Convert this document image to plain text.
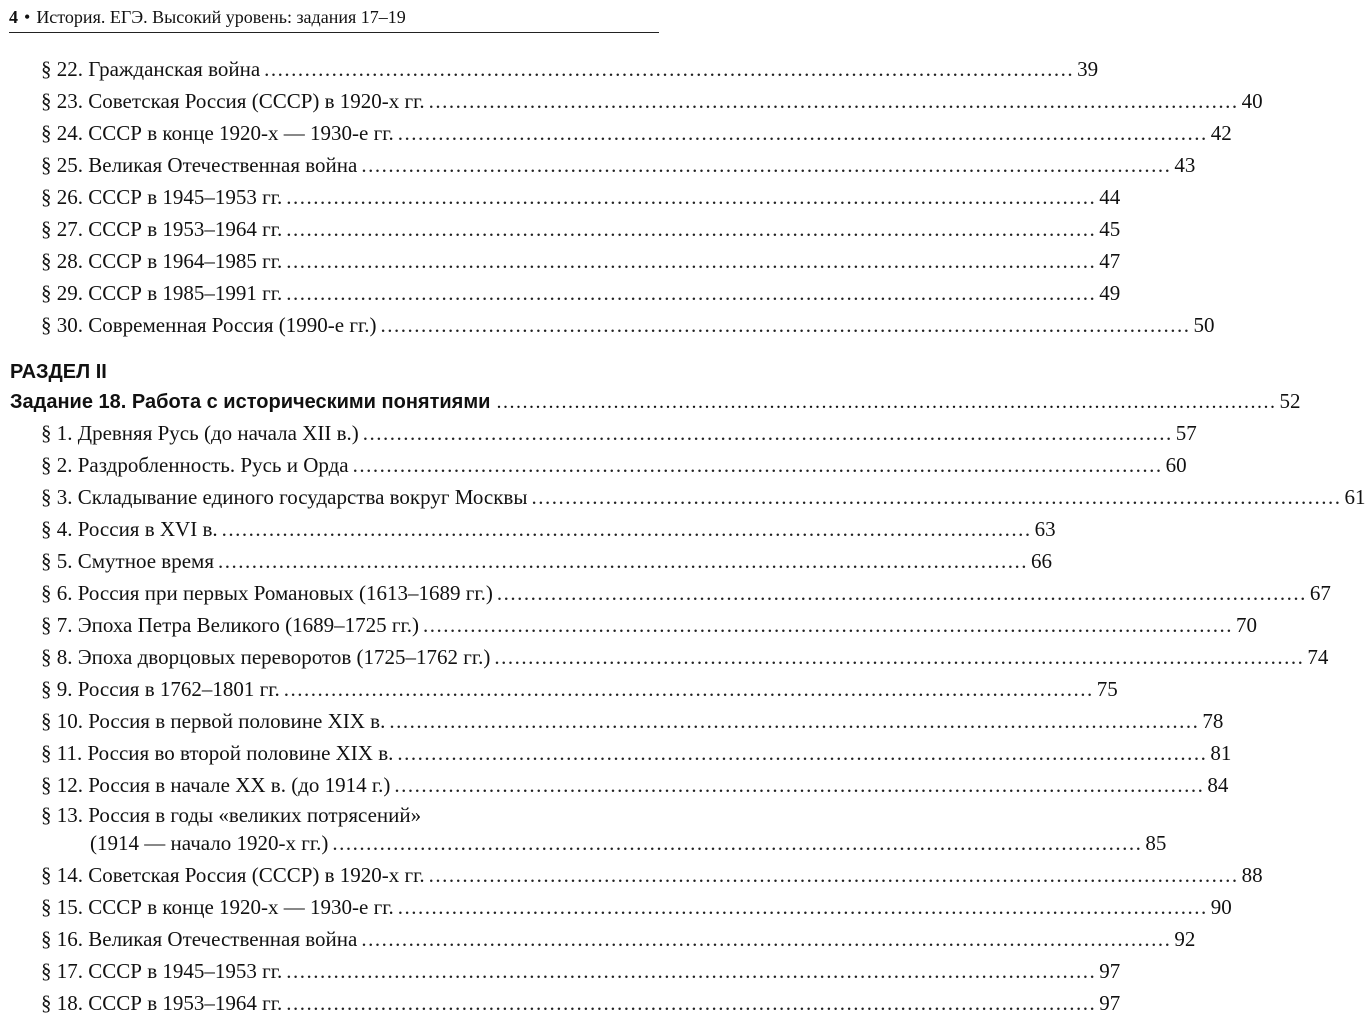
4 • История. ЕГЭ. Высокий уровень: задания 17–19
§ 22. Гражданская война ........................................................................................................................ 39
§ 23. Советская Россия (СССР) в 1920-х гг. ........................................................................................................................ 40
§ 24. СССР в конце 1920-х — 1930-е гг. ........................................................................................................................ 42
§ 25. Великая Отечественная война ........................................................................................................................ 43
§ 26. СССР в 1945–1953 гг. ........................................................................................................................ 44
§ 27. СССР в 1953–1964 гг. ........................................................................................................................ 45
§ 28. СССР в 1964–1985 гг. ........................................................................................................................ 47
§ 29. СССР в 1985–1991 гг. ........................................................................................................................ 49
§ 30. Современная Россия (1990-е гг.) ........................................................................................................................ 50
РАЗДЕЛ II
Задание 18. Работа с историческими понятиями ........................................................................................................................ 52
§ 1. Древняя Русь (до начала XII в.) ........................................................................................................................ 57
§ 2. Раздробленность. Русь и Орда ........................................................................................................................ 60
§ 3. Складывание единого государства вокруг Москвы ........................................................................................................................ 61
§ 4. Россия в XVI в. ........................................................................................................................ 63
§ 5. Смутное время ........................................................................................................................ 66
§ 6. Россия при первых Романовых (1613–1689 гг.) ........................................................................................................................ 67
§ 7. Эпоха Петра Великого (1689–1725 гг.) ........................................................................................................................ 70
§ 8. Эпоха дворцовых переворотов (1725–1762 гг.) ........................................................................................................................ 74
§ 9. Россия в 1762–1801 гг. ........................................................................................................................ 75
§ 10. Россия в первой половине XIX в. ........................................................................................................................ 78
§ 11. Россия во второй половине XIX в. ........................................................................................................................ 81
§ 12. Россия в начале XX в. (до 1914 г.) ........................................................................................................................ 84
§ 13. Россия в годы «великих потрясений»
(1914 — начало 1920-х гг.) ........................................................................................................................ 85
§ 14. Советская Россия (СССР) в 1920-х гг. ........................................................................................................................ 88
§ 15. СССР в конце 1920-х — 1930-е гг. ........................................................................................................................ 90
§ 16. Великая Отечественная война ........................................................................................................................ 92
§ 17. СССР в 1945–1953 гг. ........................................................................................................................ 97
§ 18. СССР в 1953–1964 гг. ........................................................................................................................ 97
